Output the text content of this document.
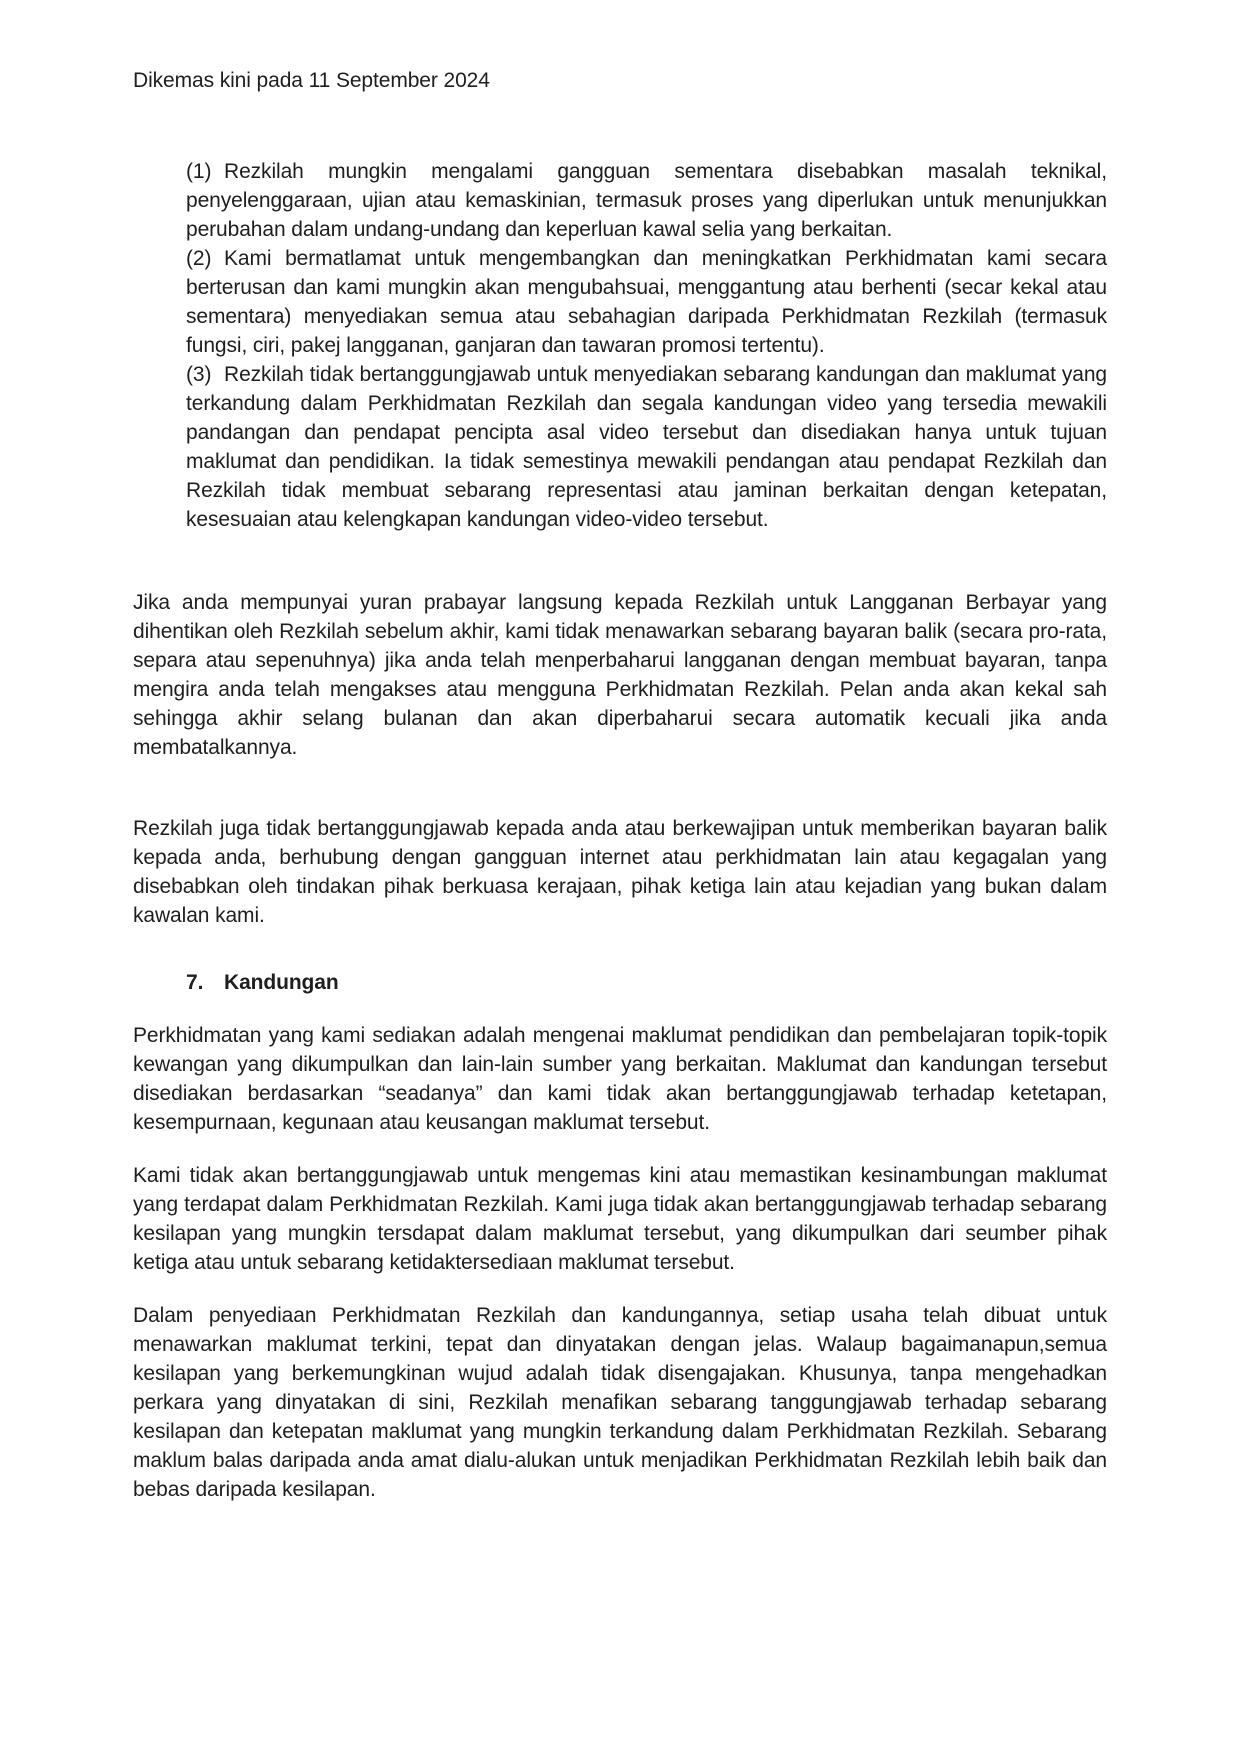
Dikemas kini pada 11 September 2024

(1) Rezkilah mungkin mengalami gangguan sementara disebabkan masalah teknikal, penyelenggaraan, ujian atau kemaskinian, termasuk proses yang diperlukan untuk menunjukkan perubahan dalam undang-undang dan keperluan kawal selia yang berkaitan.

(2) Kami bermatlamat untuk mengembangkan dan meningkatkan Perkhidmatan kami secara berterusan dan kami mungkin akan mengubahsuai, menggantung atau berhenti (secar kekal atau sementara) menyediakan semua atau sebahagian daripada Perkhidmatan Rezkilah (termasuk fungsi, ciri, pakej langganan, ganjaran dan tawaran promosi tertentu).

(3) Rezkilah tidak bertanggungjawab untuk menyediakan sebarang kandungan dan maklumat yang terkandung dalam Perkhidmatan Rezkilah dan segala kandungan video yang tersedia mewakili pandangan dan pendapat pencipta asal video tersebut dan disediakan hanya untuk tujuan maklumat dan pendidikan. Ia tidak semestinya mewakili pendangan atau pendapat Rezkilah dan Rezkilah tidak membuat sebarang representasi atau jaminan berkaitan dengan ketepatan, kesesuaian atau kelengkapan kandungan video-video tersebut.

Jika anda mempunyai yuran prabayar langsung kepada Rezkilah untuk Langganan Berbayar yang dihentikan oleh Rezkilah sebelum akhir, kami tidak menawarkan sebarang bayaran balik (secara pro-rata, separa atau sepenuhnya) jika anda telah menperbaharui langganan dengan membuat bayaran, tanpa mengira anda telah mengakses atau mengguna Perkhidmatan Rezkilah. Pelan anda akan kekal sah sehingga akhir selang bulanan dan akan diperbaharui secara automatik kecuali jika anda membatalkannya.

Rezkilah juga tidak bertanggungjawab kepada anda atau berkewajipan untuk memberikan bayaran balik kepada anda, berhubung dengan gangguan internet atau perkhidmatan lain atau kegagalan yang disebabkan oleh tindakan pihak berkuasa kerajaan, pihak ketiga lain atau kejadian yang bukan dalam kawalan kami.

7. Kandungan

Perkhidmatan yang kami sediakan adalah mengenai maklumat pendidikan dan pembelajaran topik-topik kewangan yang dikumpulkan dan lain-lain sumber yang berkaitan. Maklumat dan kandungan tersebut disediakan berdasarkan “seadanya” dan kami tidak akan bertanggungjawab terhadap ketetapan, kesempurnaan, kegunaan atau keusangan maklumat tersebut.

Kami tidak akan bertanggungjawab untuk mengemas kini atau memastikan kesinambungan maklumat yang terdapat dalam Perkhidmatan Rezkilah. Kami juga tidak akan bertanggungjawab terhadap sebarang kesilapan yang mungkin tersdapat dalam maklumat tersebut, yang dikumpulkan dari seumber pihak ketiga atau untuk sebarang ketidaktersediaan maklumat tersebut.

Dalam penyediaan Perkhidmatan Rezkilah dan kandungannya, setiap usaha telah dibuat untuk menawarkan maklumat terkini, tepat dan dinyatakan dengan jelas. Walaup bagaimanapun,semua kesilapan yang berkemungkinan wujud adalah tidak disengajakan. Khusunya, tanpa mengehadkan perkara yang dinyatakan di sini, Rezkilah menafikan sebarang tanggungjawab terhadap sebarang kesilapan dan ketepatan maklumat yang mungkin terkandung dalam Perkhidmatan Rezkilah. Sebarang maklum balas daripada anda amat dialu-alukan untuk menjadikan Perkhidmatan Rezkilah lebih baik dan bebas daripada kesilapan.
